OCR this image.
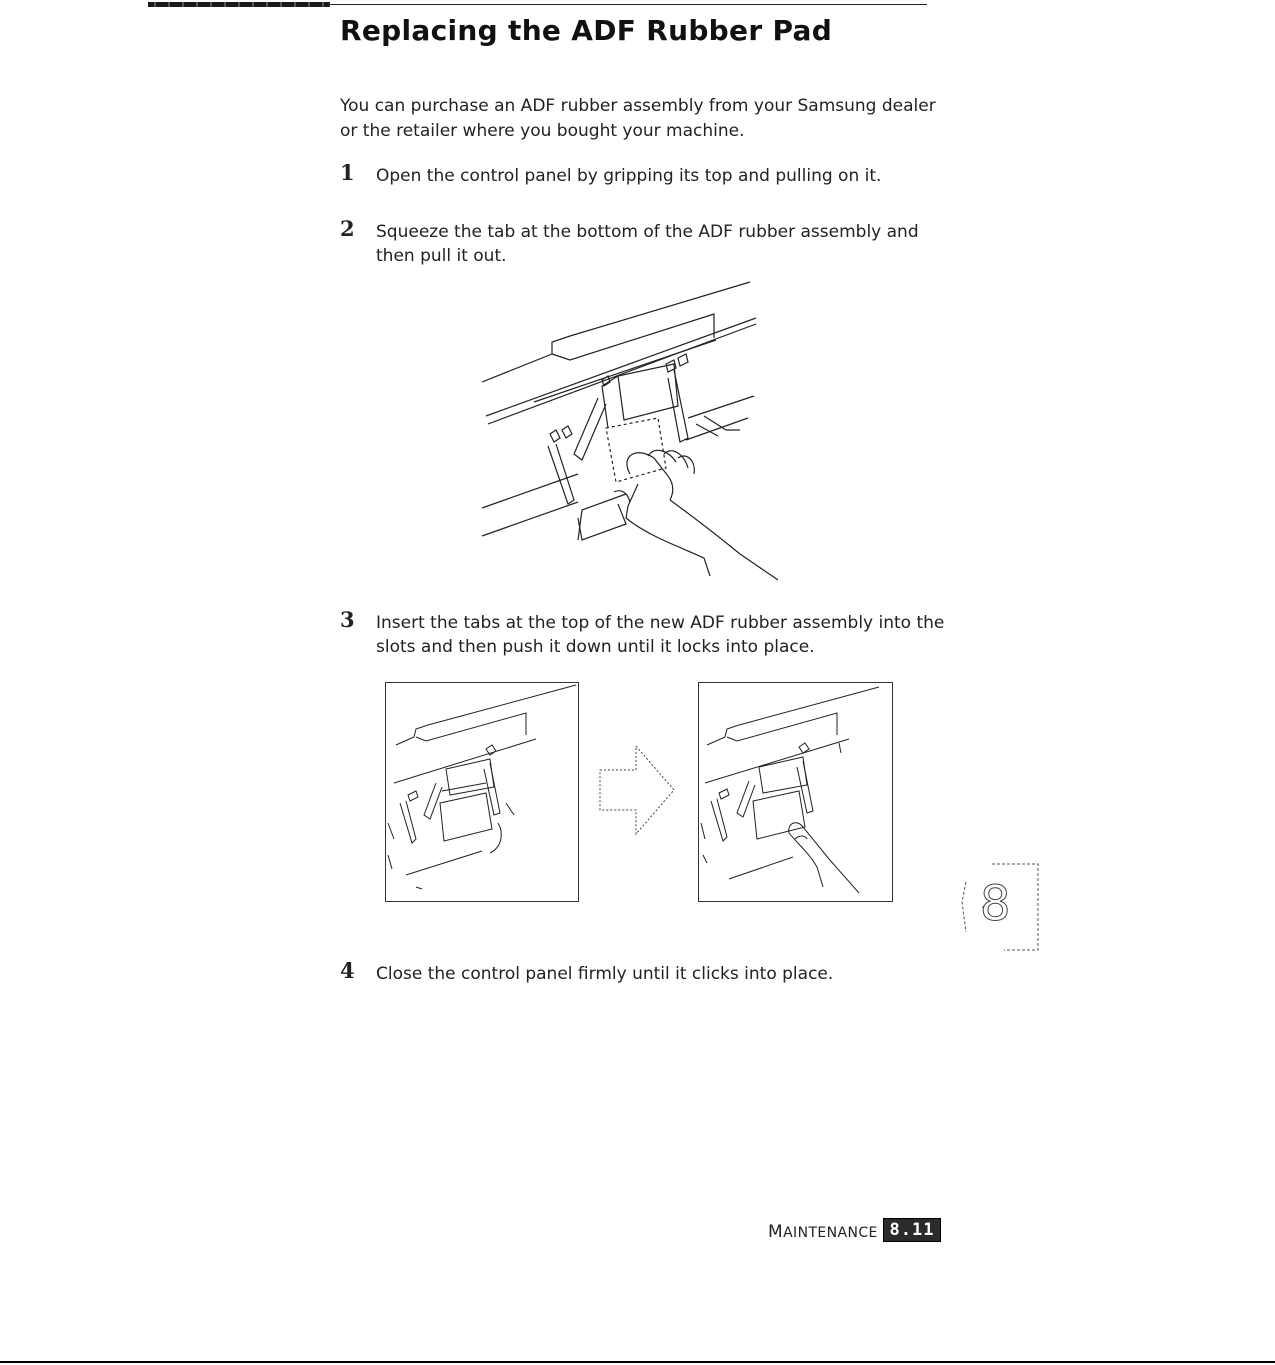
Replacing the ADF Rubber Pad
You can purchase an ADF rubber assembly from your Samsung dealer or the retailer where you bought your machine.
1 Open the control panel by gripping its top and pulling on it.
2 Squeeze the tab at the bottom of the ADF rubber assembly and then pull it out.
3 Insert the tabs at the top of the new ADF rubber assembly into the slots and then push it down until it locks into place.
8
4 Close the control panel firmly until it clicks into place.
MAINTENANCE 8.11
